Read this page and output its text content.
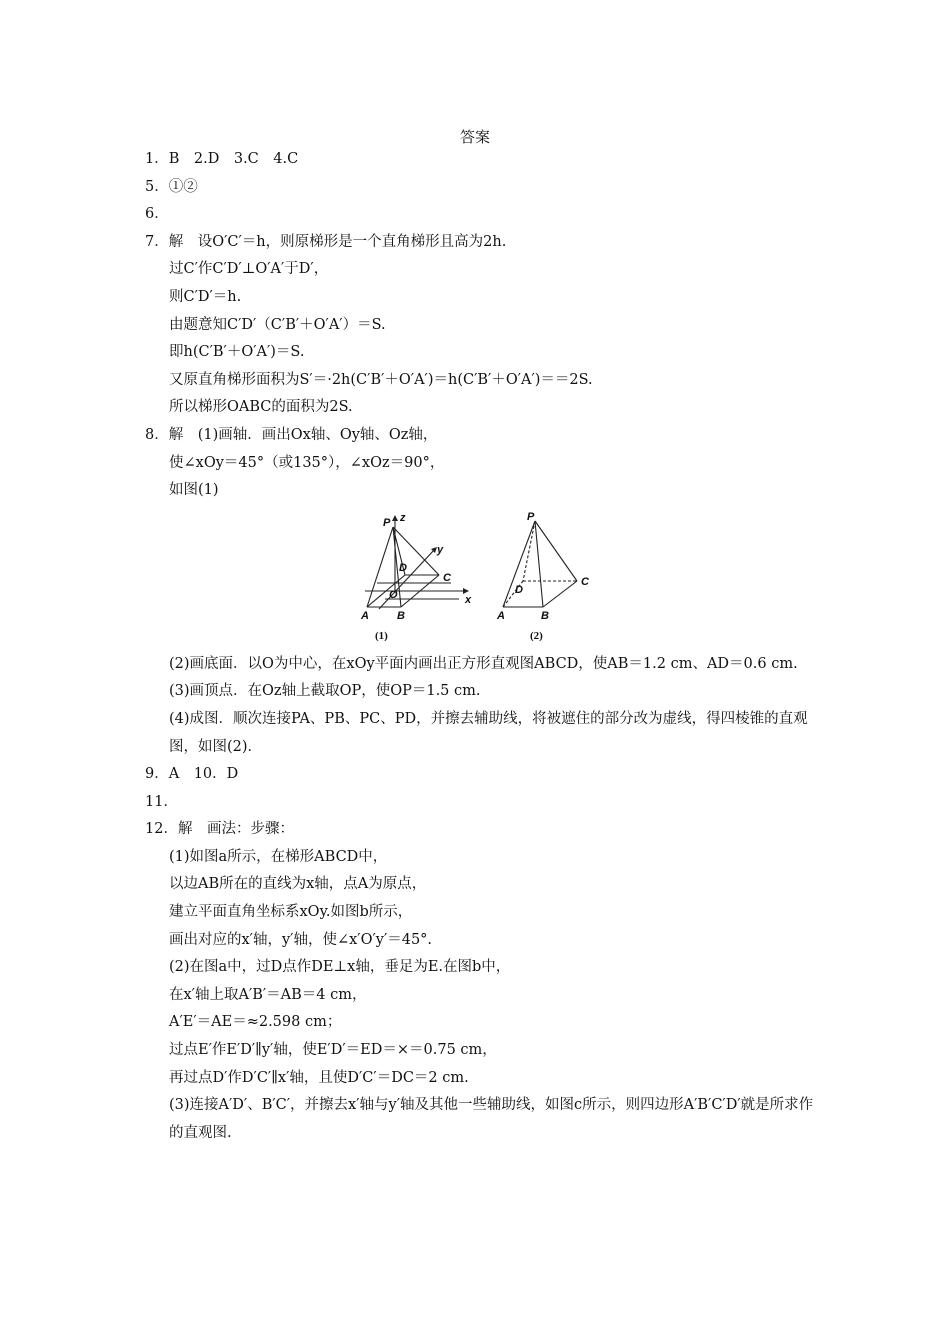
答案
1．B　2.D　3.C　4.C
5．①②
6．
7．解　设O′C′＝h，则原梯形是一个直角梯形且高为2h.
过C′作C′D′⊥O′A′于D′，
则C′D′＝h.
由题意知C′D′（C′B′＋O′A′）＝S.
即h(C′B′＋O′A′)＝S.
又原直角梯形面积为S′＝·2h(C′B′＋O′A′)＝h(C′B′＋O′A′)＝＝2S.
所以梯形OABC的面积为2S.
8．解　(1)画轴．画出Ox轴、Oy轴、Oz轴，
使∠xOy＝45°（或135°），∠xOz＝90°，
如图(1)
P z
y
D
C
O	x
A	B
P
D
C
A	B
(1)	(2)
(2)画底面．以O为中心，在xOy平面内画出正方形直观图ABCD，使AB＝1.2 cm、AD＝0.6 cm.
(3)画顶点．在Oz轴上截取OP，使OP＝1.5 cm.
(4)成图．顺次连接PA、PB、PC、PD，并擦去辅助线，将被遮住的部分改为虚线，得四棱锥的直观图，如图(2)．
9．A　10．D
11．
12．解　画法：步骤：
(1)如图a所示，在梯形ABCD中，
以边AB所在的直线为x轴，点A为原点，
建立平面直角坐标系xOy.如图b所示，
画出对应的x′轴，y′轴，使∠x′O′y′＝45°.
(2)在图a中，过D点作DE⊥x轴，垂足为E.在图b中，
在x′轴上取A′B′＝AB＝4 cm，
A′E′＝AE＝≈2.598 cm；
过点E′作E′D′∥y′轴，使E′D′＝ED＝×＝0.75 cm，
再过点D′作D′C′∥x′轴，且使D′C′＝DC＝2 cm.
(3)连接A′D′、B′C′，并擦去x′轴与y′轴及其他一些辅助线，如图c所示，则四边形A′B′C′D′就是所求作的直观图.
